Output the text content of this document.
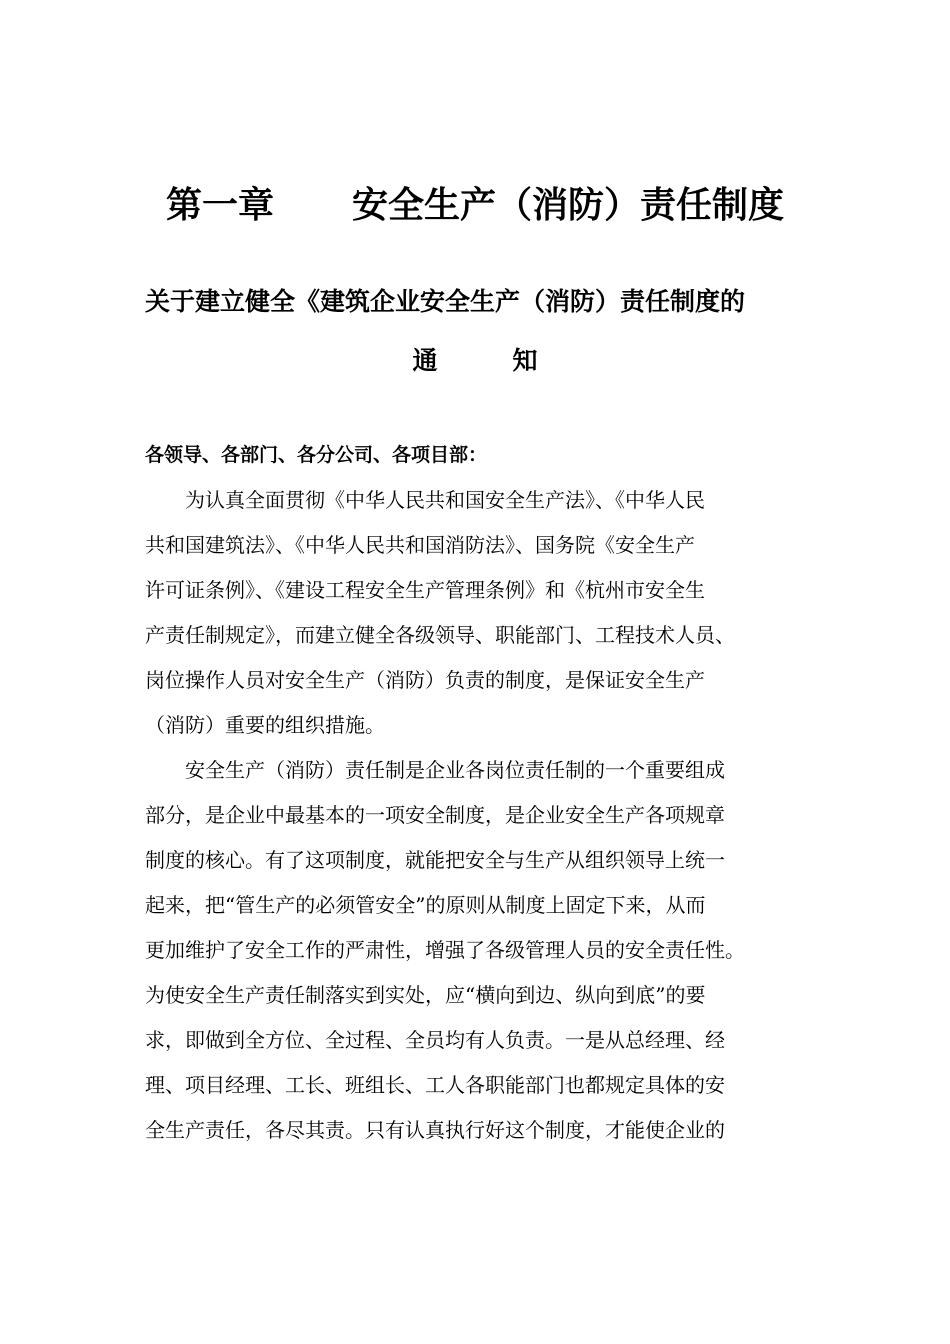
第一章 安全生产（消防）责任制度
关于建立健全《建筑企业安全生产（消防）责任制度的
通　　　知
各领导、各部门、各分公司、各项目部：
　　为认真全面贯彻《中华人民共和国安全生产法》、《中华人民
共和国建筑法》、《中华人民共和国消防法》、国务院《安全生产
许可证条例》、《建设工程安全生产管理条例》和《杭州市安全生
产责任制规定》，而建立健全各级领导、职能部门、工程技术人员、
岗位操作人员对安全生产（消防）负责的制度，是保证安全生产
（消防）重要的组织措施。
　　安全生产（消防）责任制是企业各岗位责任制的一个重要组成
部分，是企业中最基本的一项安全制度，是企业安全生产各项规章
制度的核心。有了这项制度，就能把安全与生产从组织领导上统一
起来，把“管生产的必须管安全”的原则从制度上固定下来，从而
更加维护了安全工作的严肃性，增强了各级管理人员的安全责任性。
为使安全生产责任制落实到实处，应“横向到边、纵向到底”的要
求，即做到全方位、全过程、全员均有人负责。一是从总经理、经
理、项目经理、工长、班组长、工人各职能部门也都规定具体的安
全生产责任，各尽其责。只有认真执行好这个制度，才能使企业的
